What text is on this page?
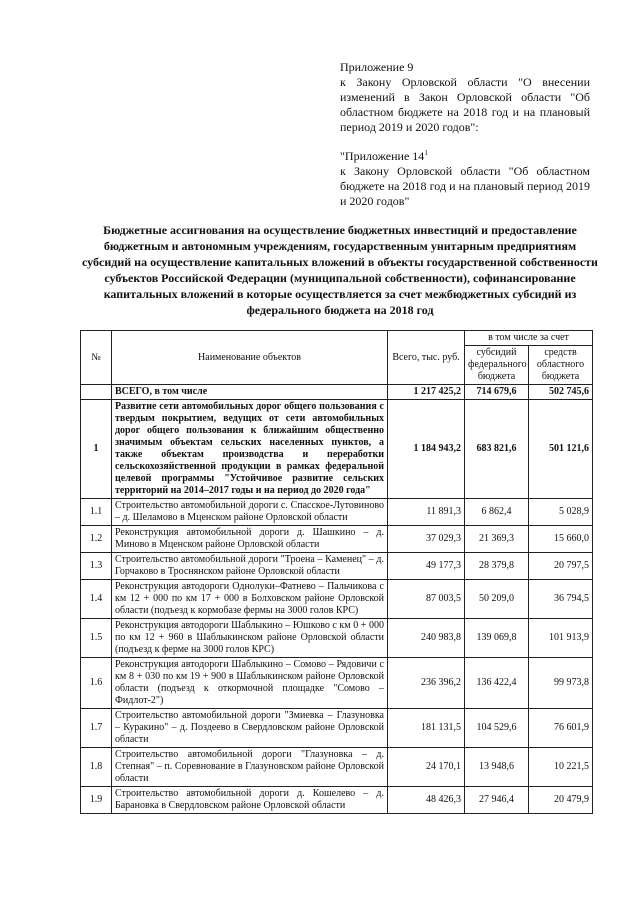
Приложение 9

к Закону Орловской области "О внесении изменений в Закон Орловской области "Об областном бюджете на 2018 год и на плановый период 2019 и 2020 годов":

"Приложение $14^1$

к Закону Орловской области "Об областном бюджете на 2018 год и на плановый период 2019 и 2020 годов"

Бюджетные ассигнования на осуществление бюджетных инвестиций и предоставление бюджетным и автономным учреждениям, государственным унитарным предприятиям субсидий на осуществление капитальных вложений в объекты государственной собственности субъектов Российской Федерации (муниципальной собственности), софинансирование капитальных вложений в которые осуществляется за счет межбюджетных субсидий из федерального бюджета на 2018 год
№	Наименование объектов	Всего, тыс. руб.	в том числе за счет	
			субсидий федерального бюджета	средств областного бюджета
	ВСЕГО, в том числе	1 217 425,2	714 679,6	502 745,6
1	Развитие сети автомобильных дорог общего пользования с твердым покрытием, ведущих от сети автомобильных дорог общего пользования к ближайшим общественно значимым объектам сельских населенных пунктов, а также объектам производства и переработки сельскохозяйственной продукции в рамках федеральной целевой программы "Устойчивое развитие сельских территорий на 2014–2017 годы и на период до 2020 года"	1 184 943,2	683 821,6	501 121,6
1.1	Строительство автомобильной дороги с. Спасское-Лутовиново – д. Шеламово в Мценском районе Орловской области	11 891,3	6 862,4	5 028,9
1.2	Реконструкция автомобильной дороги д. Шашкино – д. Миново в Мценском районе Орловской области	37 029,3	21 369,3	15 660,0
1.3	Строительство автомобильной дороги "Троена – Каменец" – д. Горчаково в Троснянском районе Орловской области	49 177,3	28 379,8	20 797,5
1.4	Реконструкция автодороги Однолуки–Фатнево – Пальчикова с км 12 + 000 по км 17 + 000 в Болховском районе Орловской области (подъезд к кормобазе фермы на 3000 голов КРС)	87 003,5	50 209,0	36 794,5
1.5	Реконструкция автодороги Шаблыкино – Юшково с км 0 + 000 по км 12 + 960 в Шаблыкинском районе Орловской области (подъезд к ферме на 3000 голов КРС)	240 983,8	139 069,8	101 913,9
1.6	Реконструкция автодороги Шаблыкино – Сомово – Рядовичи с км 8 + 030 по км 19 + 900 в Шаблыкинском районе Орловской области (подъезд к откормочной площадке "Сомово – Фидлот-2")	236 396,2	136 422,4	99 973,8
1.7	Строительство автомобильной дороги "Змиевка – Глазуновка – Куракино" – д. Поздеево в Свердловском районе Орловской области	181 131,5	104 529,6	76 601,9
1.8	Строительство автомобильной дороги "Глазуновка – д. Степная" – п. Соревнование в Глазуновском районе Орловской области	24 170,1	13 948,6	10 221,5
1.9	Строительство автомобильной дороги д. Кошелево – д. Барановка в Свердловском районе Орловской области	48 426,3	27 946,4	20 479,9
